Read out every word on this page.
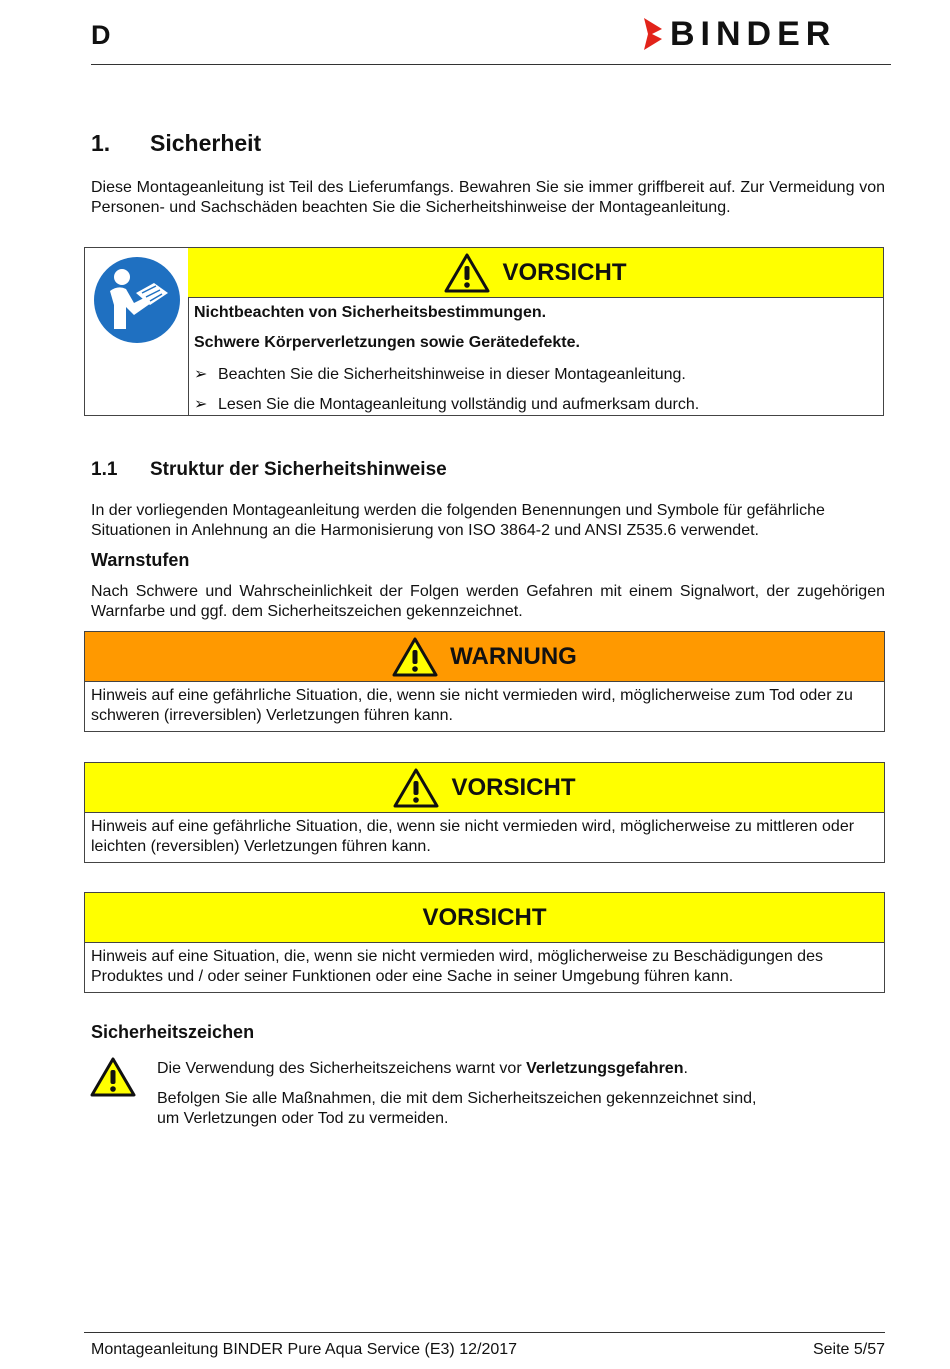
D	BINDER
1. Sicherheit
Diese Montageanleitung ist Teil des Lieferumfangs. Bewahren Sie sie immer griffbereit auf. Zur Vermeidung von Personen- und Sachschäden beachten Sie die Sicherheitshinweise der Montageanleitung.
VORSICHT
Nichtbeachten von Sicherheitsbestimmungen.
Schwere Körperverletzungen sowie Gerätedefekte.
➢ Beachten Sie die Sicherheitshinweise in dieser Montageanleitung.
➢ Lesen Sie die Montageanleitung vollständig und aufmerksam durch.
1.1 Struktur der Sicherheitshinweise
In der vorliegenden Montageanleitung werden die folgenden Benennungen und Symbole für gefährliche Situationen in Anlehnung an die Harmonisierung von ISO 3864-2 und ANSI Z535.6 verwendet.
Warnstufen
Nach Schwere und Wahrscheinlichkeit der Folgen werden Gefahren mit einem Signalwort, der zugehörigen Warnfarbe und ggf. dem Sicherheitszeichen gekennzeichnet.
WARNUNG
Hinweis auf eine gefährliche Situation, die, wenn sie nicht vermieden wird, möglicherweise zum Tod oder zu schweren (irreversiblen) Verletzungen führen kann.
VORSICHT
Hinweis auf eine gefährliche Situation, die, wenn sie nicht vermieden wird, möglicherweise zu mittleren oder leichten (reversiblen) Verletzungen führen kann.
VORSICHT
Hinweis auf eine Situation, die, wenn sie nicht vermieden wird, möglicherweise zu Beschädigungen des Produktes und / oder seiner Funktionen oder eine Sache in seiner Umgebung führen kann.
Sicherheitszeichen
Die Verwendung des Sicherheitszeichens warnt vor Verletzungsgefahren.
Befolgen Sie alle Maßnahmen, die mit dem Sicherheitszeichen gekennzeichnet sind,
um Verletzungen oder Tod zu vermeiden.
Montageanleitung BINDER Pure Aqua Service (E3) 12/2017	Seite 5/57
